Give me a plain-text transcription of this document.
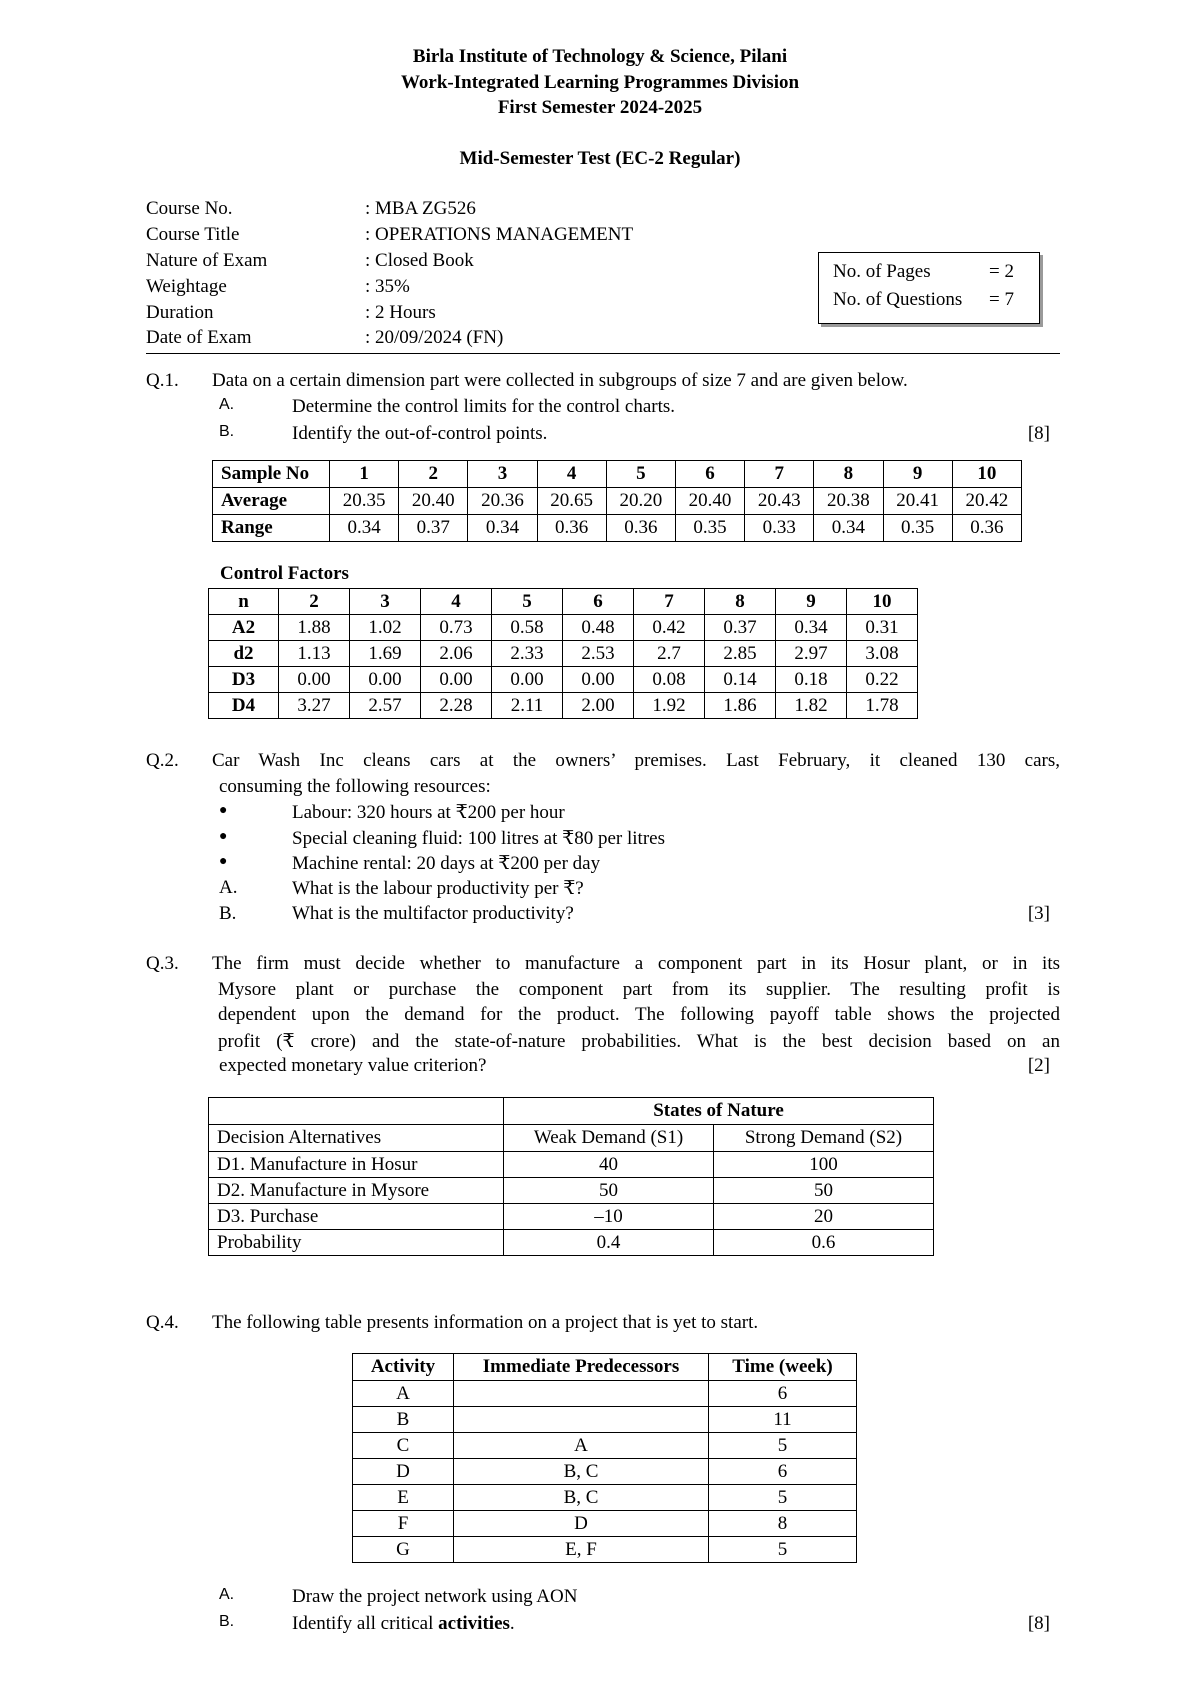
Birla Institute of Technology & Science, Pilani
Work-Integrated Learning Programmes Division
First Semester 2024-2025
Mid-Semester Test (EC-2 Regular)
Course No.	: MBA ZG526
Course Title	: OPERATIONS MANAGEMENT
Nature of Exam	: Closed Book
Weightage	: 35%
Duration	: 2 Hours
Date of Exam	: 20/09/2024 (FN)
No. of Pages	= 2
No. of Questions = 7
Q.1. Data on a certain dimension part were collected in subgroups of size 7 and are given below.
A.	Determine the control limits for the control charts.
B.	Identify the out-of-control points.	[8]
Sample No	1	2	3	4	5	6	7	8	9	10
Average	20.35	20.40	20.36	20.65	20.20	20.40	20.43	20.38	20.41	20.42
Range	0.34	0.37	0.34	0.36	0.36	0.35	0.33	0.34	0.35	0.36
Control Factors
n	2	3	4	5	6	7	8	9	10
A2	1.88	1.02	0.73	0.58	0.48	0.42	0.37	0.34	0.31
d2	1.13	1.69	2.06	2.33	2.53	2.7	2.85	2.97	3.08
D3	0.00	0.00	0.00	0.00	0.00	0.08	0.14	0.18	0.22
D4	3.27	2.57	2.28	2.11	2.00	1.92	1.86	1.82	1.78
Q.2. Car Wash Inc cleans cars at the owners’ premises. Last February, it cleaned 130 cars,
consuming the following resources:
●	Labour: 320 hours at ₹200 per hour
●	Special cleaning fluid: 100 litres at ₹80 per litres
●	Machine rental: 20 days at ₹200 per day
A.	What is the labour productivity per ₹?
B.	What is the multifactor productivity?	[3]
Q.3. The firm must decide whether to manufacture a component part in its Hosur plant, or in its
Mysore plant or purchase the component part from its supplier. The resulting profit is
dependent upon the demand for the product. The following payoff table shows the projected
profit (₹ crore) and the state-of-nature probabilities. What is the best decision based on an
expected monetary value criterion?	[2]
	States of Nature	
Decision Alternatives	Weak Demand (S1)	Strong Demand (S2)
D1. Manufacture in Hosur	40	100
D2. Manufacture in Mysore	50	50
D3. Purchase	–10	20
Probability	0.4	0.6
Q.4. The following table presents information on a project that is yet to start.
Activity	Immediate Predecessors	Time (week)
A		6
B		11
C	A	5
D	B, C	6
E	B, C	5
F	D	8
G	E, F	5
A.	Draw the project network using AON
B.	Identify all critical activities.	[8]
